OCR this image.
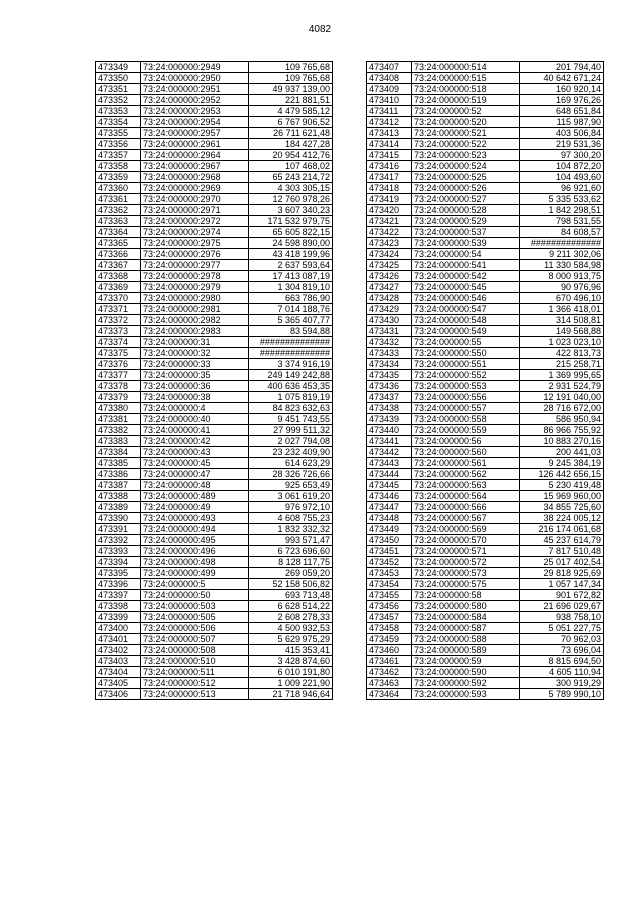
4082
473349	73:24:000000:2949	109 765,68
473350	73:24:000000:2950	109 765,68
473351	73:24:000000:2951	49 937 139,00
473352	73:24:000000:2952	221 881,51
473353	73:24:000000:2953	4 479 585,12
473354	73:24:000000:2954	6 767 906,52
473355	73:24:000000:2957	26 711 621,48
473356	73:24:000000:2961	184 427,28
473357	73:24:000000:2964	20 954 412,76
473358	73:24:000000:2967	107 468,02
473359	73:24:000000:2968	65 243 214,72
473360	73:24:000000:2969	4 303 305,15
473361	73:24:000000:2970	12 760 978,26
473362	73:24:000000:2971	3 607 340,23
473363	73:24:000000:2972	171 532 979,75
473364	73:24:000000:2974	65 605 822,15
473365	73:24:000000:2975	24 598 890,00
473366	73:24:000000:2976	43 418 199,96
473367	73:24:000000:2977	2 637 593,64
473368	73:24:000000:2978	17 413 087,19
473369	73:24:000000:2979	1 304 819,10
473370	73:24:000000:2980	663 786,90
473371	73:24:000000:2981	7 014 188,76
473372	73:24:000000:2982	5 365 407,77
473373	73:24:000000:2983	83 594,88
473374	73:24:000000:31	##############
473375	73:24:000000:32	##############
473376	73:24:000000:33	3 374 916,19
473377	73:24:000000:35	249 149 242,88
473378	73:24:000000:36	400 636 453,35
473379	73:24:000000:38	1 075 819,19
473380	73:24:000000:4	84 823 632,63
473381	73:24:000000:40	9 451 743,55
473382	73:24:000000:41	27 999 511,32
473383	73:24:000000:42	2 027 794,08
473384	73:24:000000:43	23 232 409,90
473385	73:24:000000:45	614 623,29
473386	73:24:000000:47	28 326 726,66
473387	73:24:000000:48	925 653,49
473388	73:24:000000:489	3 061 619,20
473389	73:24:000000:49	976 972,10
473390	73:24:000000:493	4 608 755,23
473391	73:24:000000:494	1 832 332,32
473392	73:24:000000:495	993 571,47
473393	73:24:000000:496	6 723 696,60
473394	73:24:000000:498	8 128 117,75
473395	73:24:000000:499	269 059,20
473396	73:24:000000:5	52 158 506,82
473397	73:24:000000:50	693 713,48
473398	73:24:000000:503	6 628 514,22
473399	73:24:000000:505	2 608 278,33
473400	73:24:000000:506	4 500 932,53
473401	73:24:000000:507	5 629 975,29
473402	73:24:000000:508	415 353,41
473403	73:24:000000:510	3 428 874,60
473404	73:24:000000:511	6 010 191,80
473405	73:24:000000:512	1 009 221,90
473406	73:24:000000:513	21 718 946,64
473407	73:24:000000:514	201 794,40
473408	73:24:000000:515	40 642 671,24
473409	73:24:000000:518	160 920,14
473410	73:24:000000:519	169 976,26
473411	73:24:000000:52	648 651,84
473412	73:24:000000:520	115 987,90
473413	73:24:000000:521	403 506,84
473414	73:24:000000:522	219 531,36
473415	73:24:000000:523	97 300,20
473416	73:24:000000:524	104 872,20
473417	73:24:000000:525	104 493,60
473418	73:24:000000:526	96 921,60
473419	73:24:000000:527	5 335 533,62
473420	73:24:000000:528	1 842 298,51
473421	73:24:000000:529	798 531,55
473422	73:24:000000:537	84 608,57
473423	73:24:000000:539	##############
473424	73:24:000000:54	9 211 302,06
473425	73:24:000000:541	11 330 584,98
473426	73:24:000000:542	8 000 913,75
473427	73:24:000000:545	90 976,96
473428	73:24:000000:546	670 496,10
473429	73:24:000000:547	1 366 418,01
473430	73:24:000000:548	314 508,81
473431	73:24:000000:549	149 568,88
473432	73:24:000000:55	1 023 023,10
473433	73:24:000000:550	422 813,73
473434	73:24:000000:551	215 258,71
473435	73:24:000000:552	1 369 995,65
473436	73:24:000000:553	2 931 524,79
473437	73:24:000000:556	12 191 040,00
473438	73:24:000000:557	28 716 672,00
473439	73:24:000000:558	586 950,94
473440	73:24:000000:559	86 966 755,92
473441	73:24:000000:56	10 883 270,16
473442	73:24:000000:560	200 441,03
473443	73:24:000000:561	9 245 384,19
473444	73:24:000000:562	126 442 656,15
473445	73:24:000000:563	5 230 419,48
473446	73:24:000000:564	15 969 960,00
473447	73:24:000000:566	34 855 725,60
473448	73:24:000000:567	38 224 005,12
473449	73:24:000000:569	216 174 061,68
473450	73:24:000000:570	45 237 614,79
473451	73:24:000000:571	7 817 510,48
473452	73:24:000000:572	25 017 402,54
473453	73:24:000000:573	29 818 925,69
473454	73:24:000000:575	1 057 147,34
473455	73:24:000000:58	901 672,82
473456	73:24:000000:580	21 696 029,67
473457	73:24:000000:584	938 758,10
473458	73:24:000000:587	5 051 227,75
473459	73:24:000000:588	70 962,03
473460	73:24:000000:589	73 696,04
473461	73:24:000000:59	8 815 694,50
473462	73:24:000000:590	4 605 110,94
473463	73:24:000000:592	300 919,29
473464	73:24:000000:593	5 789 990,10
